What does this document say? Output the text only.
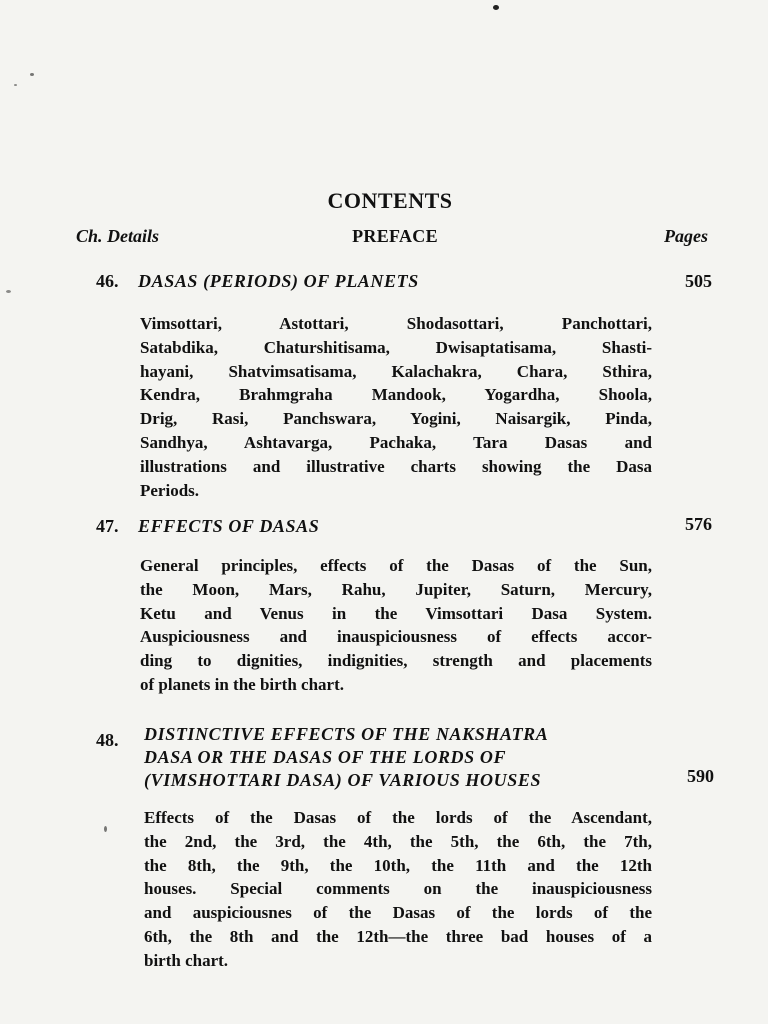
CONTENTS
Ch. Details	PREFACE	Pages
46. DASAS (PERIODS) OF PLANETS	505
Vimsottari, Astottari, Shodasottari, Panchottari,
Satabdika, Chaturshitisama, Dwisaptatisama, Shasti-
hayani, Shatvimsatisama, Kalachakra, Chara, Sthira,
Kendra, Brahmgraha Mandook, Yogardha, Shoola,
Drig, Rasi, Panchswara, Yogini, Naisargik, Pinda,
Sandhya, Ashtavarga, Pachaka, Tara Dasas and
illustrations and illustrative charts showing the Dasa
Periods.
47. EFFECTS OF DASAS	576
General principles, effects of the Dasas of the Sun,
the Moon, Mars, Rahu, Jupiter, Saturn, Mercury,
Ketu and Venus in the Vimsottari Dasa System.
Auspiciousness and inauspiciousness of effects accor-
ding to dignities, indignities, strength and placements
of planets in the birth chart.
48. DISTINCTIVE EFFECTS OF THE NAKSHATRA
DASA OR THE DASAS OF THE LORDS OF
(VIMSHOTTARI DASA) OF VARIOUS HOUSES	590
Effects of the Dasas of the lords of the Ascendant,
the 2nd, the 3rd, the 4th, the 5th, the 6th, the 7th,
the 8th, the 9th, the 10th, the 11th and the 12th
houses. Special comments on the inauspiciousness
and auspiciousnes of the Dasas of the lords of the
6th, the 8th and the 12th—the three bad houses of a
birth chart.
